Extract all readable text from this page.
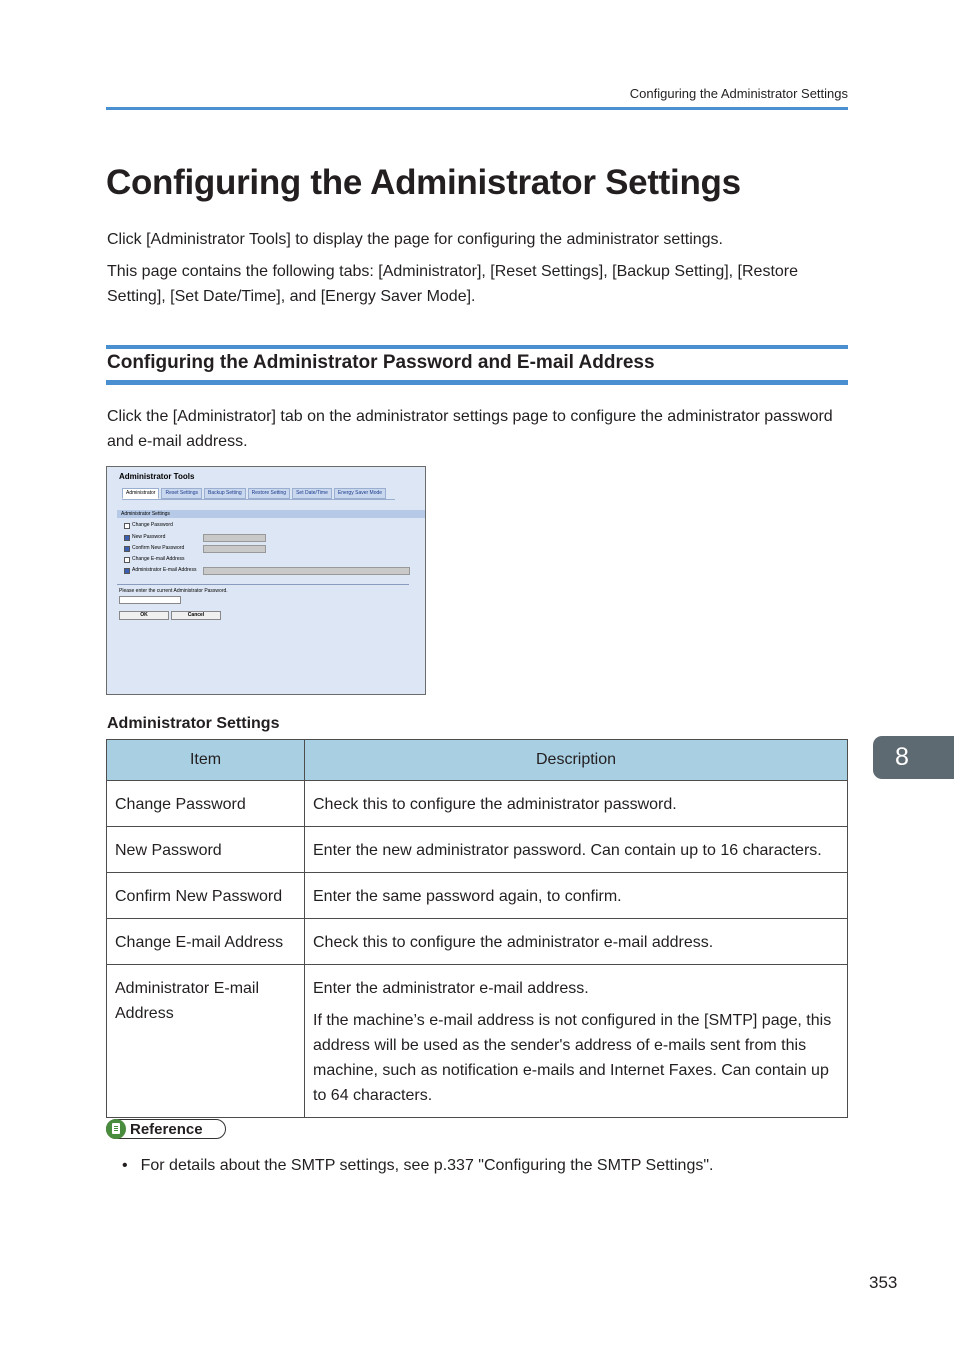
Configuring the Administrator Settings
Configuring the Administrator Settings

Click [Administrator Tools] to display the page for configuring the administrator settings.

This page contains the following tabs: [Administrator], [Reset Settings], [Backup Setting], [Restore Setting], [Set Date/Time], and [Energy Saver Mode].

Configuring the Administrator Password and E-mail Address

Click the [Administrator] tab on the administrator settings page to configure the administrator password and e-mail address.

Administrator Tools
Administrator	Reset Settings	Backup Setting	Restore Setting	Set Date/Time	Energy Saver Mode
Administrator Settings
Change Password
New Password
Confirm New Password
Change E-mail Address
Administrator E-mail Address
Please enter the current Administrator Password.
OK	Cancel
Administrator Settings
Item	Description
Change Password	Check this to configure the administrator password.

New Password	Enter the new administrator password. Can contain up to 16 characters.

Confirm New Password	Enter the same password again, to confirm.

Change E-mail Address	Check this to configure the administrator e-mail address.

Administrator E-mail Address	Enter the administrator e-mail address.

If the machine’s e-mail address is not configured in the [SMTP] page, this address will be used as the sender's address of e-mails sent from this machine, such as notification e-mails and Internet Faxes. Can contain up to 64 characters.

8
Reference

• For details about the SMTP settings, see p.337 "Configuring the SMTP Settings".

353
